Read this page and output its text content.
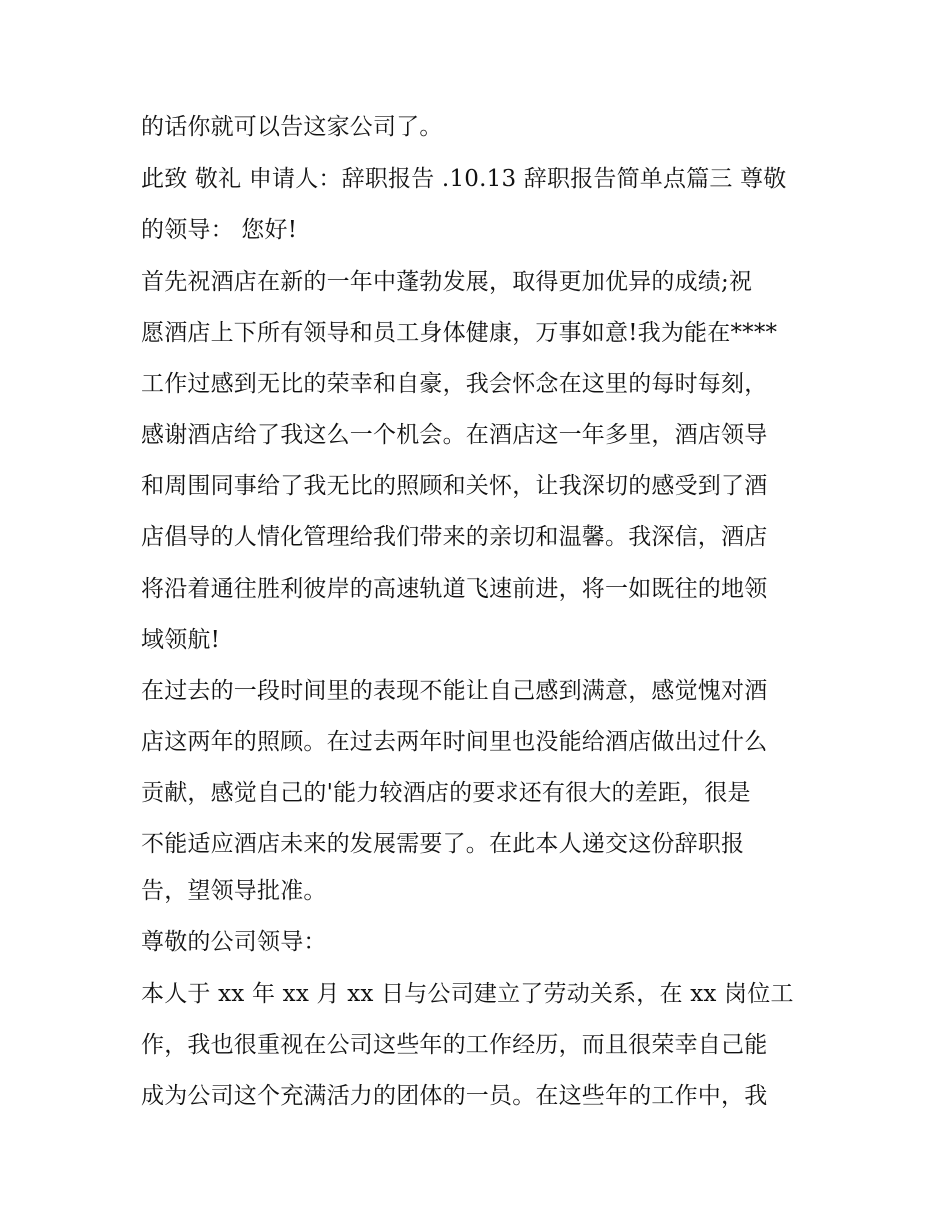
的话你就可以告这家公司了。
此致 敬礼 申请人：辞职报告 .10.13 辞职报告简单点篇三 尊敬
的领导： 您好!
首先祝酒店在新的一年中蓬勃发展，取得更加优异的成绩;祝
愿酒店上下所有领导和员工身体健康，万事如意!我为能在****
工作过感到无比的荣幸和自豪，我会怀念在这里的每时每刻，
感谢酒店给了我这么一个机会。在酒店这一年多里，酒店领导
和周围同事给了我无比的照顾和关怀，让我深切的感受到了酒
店倡导的人情化管理给我们带来的亲切和温馨。我深信，酒店
将沿着通往胜利彼岸的高速轨道飞速前进，将一如既往的地领
域领航!
在过去的一段时间里的表现不能让自己感到满意，感觉愧对酒
店这两年的照顾。在过去两年时间里也没能给酒店做出过什么
贡献，感觉自己的'能力较酒店的要求还有很大的差距，很是
不能适应酒店未来的发展需要了。在此本人递交这份辞职报
告，望领导批准。
尊敬的公司领导：
本人于 xx 年 xx 月 xx 日与公司建立了劳动关系，在 xx 岗位工
作，我也很重视在公司这些年的工作经历，而且很荣幸自己能
成为公司这个充满活力的团体的一员。在这些年的工作中，我
